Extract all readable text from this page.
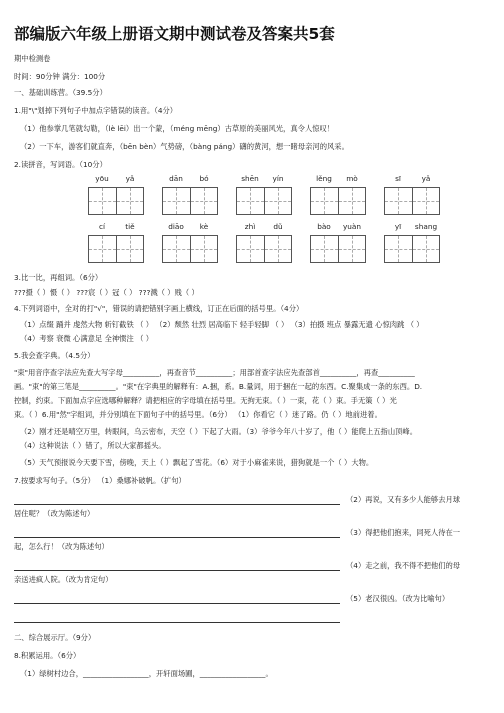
部编版六年级上册语文期中测试卷及答案共5套

期中检测卷

时间：90分钟 满分：100分

一、基础训练营。（39.5分）

1.用"\"划掉下列句子中加点字错误的读音。（4分）

（1）他参掌几笔就勾勒，（lè lēi）出一个蒙，（méng mēng）古草原的美丽风光，真令人惊叹！

（2）一下车，游客们就直奔，（bēn bèn）气势磅，（bàng páng）礴的黄河，想一睹母亲河的风采。

2.读拼音，写词语。（10分）

yōu	yǎ	dān	bó	shēn	yín	lěng	mò	sī	yǎ
cí	tiě	diāo	kè	zhì	dǔ	bào	yuàn	yī	shang

3.比一比，再组词。（6分）

???摄（ ）慑（ ） ???宸（ ）冠（ ） ???溅（ ）贱（ ）

4.下列词语中，全对的打"√"，错误的请把错别字画上横线，订正在后面的括号里。（4分）

（1）点缀 踊并 虔然大物 斩钉截铁 （ ） （2）颓然 壮烈 居高临下 轻手轻脚 （ ） （3）拍摄 班点 暴露无遗 心惊肉跳 （ ）

（4）考察 衰微 心满意足 全神惯注 （ ）

5.我会查字典。（4.5分）

"束"用音序查字法应先查大写字母__________，再查音节__________；用部首查字法应先查部首__________，再查__________

画。"束"的第三笔是__________。"束"在字典里的解释有：A.捆，系。B.量词，用于捆在一起的东西。C.聚集成一条的东西。D.

控制，约束。下面加点字应选哪种解释？请把相应的字母填在括号里。无拘无束。（ ）一束，花（ ）束。手无策（ ）光

束。（ ）6.用"然"字组词，并分别填在下面句子中的括号里。（6分） （1）你看它（ ）迷了路。仍（ ）地前进着。

（2）刚才还是晴空万里，转眼间，乌云密布，天空（ ）下起了大雨。（3）爷爷今年八十岁了，他（ ）能爬上五指山顶峰。

（4）这种说法（ ）错了，所以大家都摇头。

（5）天气预报说今天要下雪，傍晚，天上（ ）飘起了雪花。（6）对于小麻雀来说，猎狗就是一个（ ）大物。

7.按要求写句子。（5分） （1）桑娜补破帆。（扩句）

（2）再说，又有多少人能够去月球

居住呢？（改为陈述句）

（3）得把他们抱来，同死人待在一

起，怎么行！（改为陈述句）

（4）走之前，我不得不把他们的母

亲送进疯人院。（改为肯定句）

（5）老汉很凶。（改为比喻句）

二、综合展示厅。（9分）

8.积累运用。（6分）

（1）绿树村边合，__________________，开轩面场圃，__________________。
